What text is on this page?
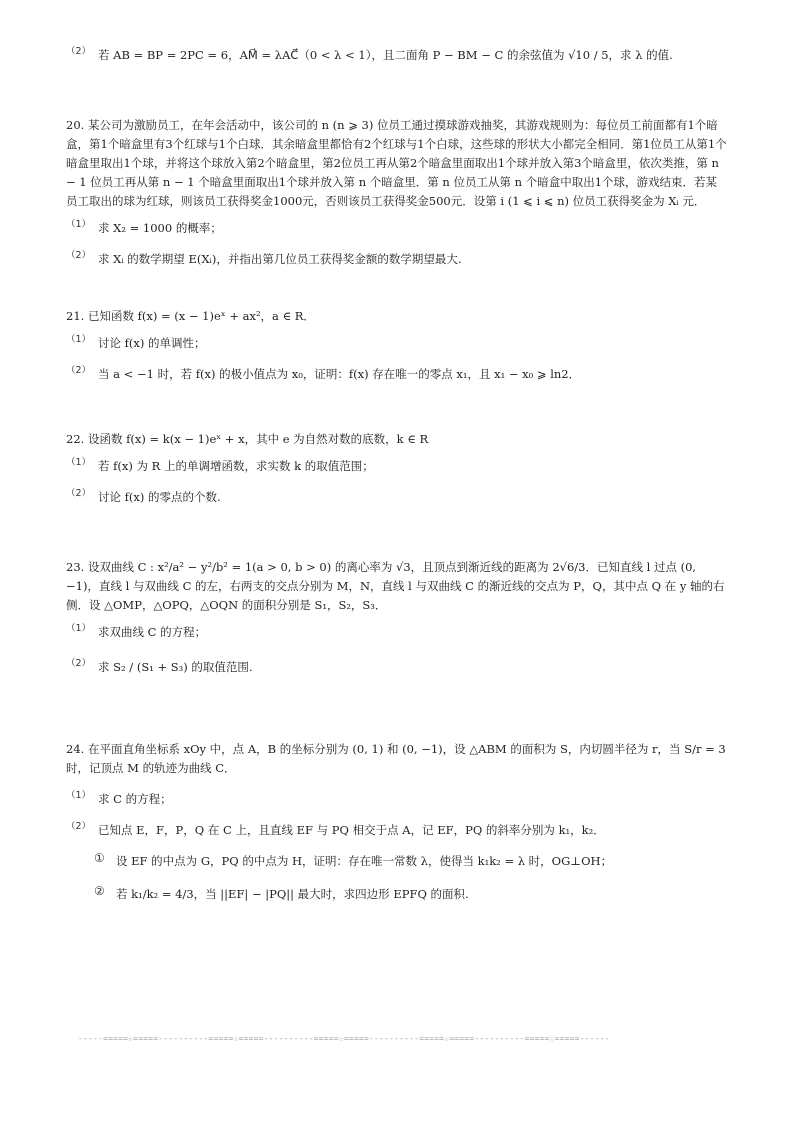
（2） 若 AB = BP = 2PC = 6，AM⃗ = λAC⃗（0 < λ < 1），且二面角 P − BM − C 的余弦值为 √10 / 5，求 λ 的值.

20. 某公司为激励员工，在年会活动中，该公司的 n (n ⩾ 3) 位员工通过摸球游戏抽奖，其游戏规则为：每位员工前面都有1个暗盒，第1个暗盒里有3个红球与1个白球．其余暗盒里都恰有2个红球与1个白球，这些球的形状大小都完全相同．第1位员工从第1个暗盒里取出1个球，并将这个球放入第2个暗盒里，第2位员工再从第2个暗盒里面取出1个球并放入第3个暗盒里，依次类推，第 n − 1 位员工再从第 n − 1 个暗盒里面取出1个球并放入第 n 个暗盒里．第 n 位员工从第 n 个暗盒中取出1个球，游戏结束．若某员工取出的球为红球，则该员工获得奖金1000元，否则该员工获得奖金500元．设第 i (1 ⩽ i ⩽ n) 位员工获得奖金为 Xᵢ 元．

（1） 求 X₂ = 1000 的概率；
（2） 求 Xᵢ 的数学期望 E(Xᵢ)，并指出第几位员工获得奖金额的数学期望最大.

21. 已知函数 f(x) = (x − 1)eˣ + ax²，a ∈ R．

（1） 讨论 f(x) 的单调性；
（2） 当 a < −1 时，若 f(x) 的极小值点为 x₀，证明：f(x) 存在唯一的零点 x₁，且 x₁ − x₀ ⩾ ln2．

22. 设函数 f(x) = k(x − 1)eˣ + x，其中 e 为自然对数的底数，k ∈ R

（1） 若 f(x) 为 R 上的单调增函数，求实数 k 的取值范围；
（2） 讨论 f(x) 的零点的个数.

23. 设双曲线 C : x²/a² − y²/b² = 1(a > 0, b > 0) 的离心率为 √3，且顶点到渐近线的距离为 2√6/3．已知直线 l 过点 (0, −1)，直线 l 与双曲线 C 的左，右两支的交点分别为 M，N，直线 l 与双曲线 C 的渐近线的交点为 P，Q，其中点 Q 在 y 轴的右侧．设 △OMP，△OPQ，△OQN 的面积分别是 S₁，S₂，S₃．

（1） 求双曲线 C 的方程；
（2） 求 S₂ / (S₁ + S₃) 的取值范围.

24. 在平面直角坐标系 xOy 中，点 A，B 的坐标分别为 (0, 1) 和 (0, −1)，设 △ABM 的面积为 S，内切圆半径为 r，当 S/r = 3 时，记顶点 M 的轨迹为曲线 C．

（1） 求 C 的方程；
（2） 已知点 E，F，P，Q 在 C 上，且直线 EF 与 PQ 相交于点 A，记 EF，PQ 的斜率分别为 k₁，k₂．
① 设 EF 的中点为 G，PQ 的中点为 H，证明：存在唯一常数 λ，使得当 k₁k₂ = λ 时，OG⊥OH；
② 若 k₁/k₂ = 4/3，当 ||EF| − |PQ|| 最大时，求四边形 EPFQ 的面积.
-----=====☆=====----------=====☆=====----------=====☆=====----------=====☆=====----------=====☆=====------
